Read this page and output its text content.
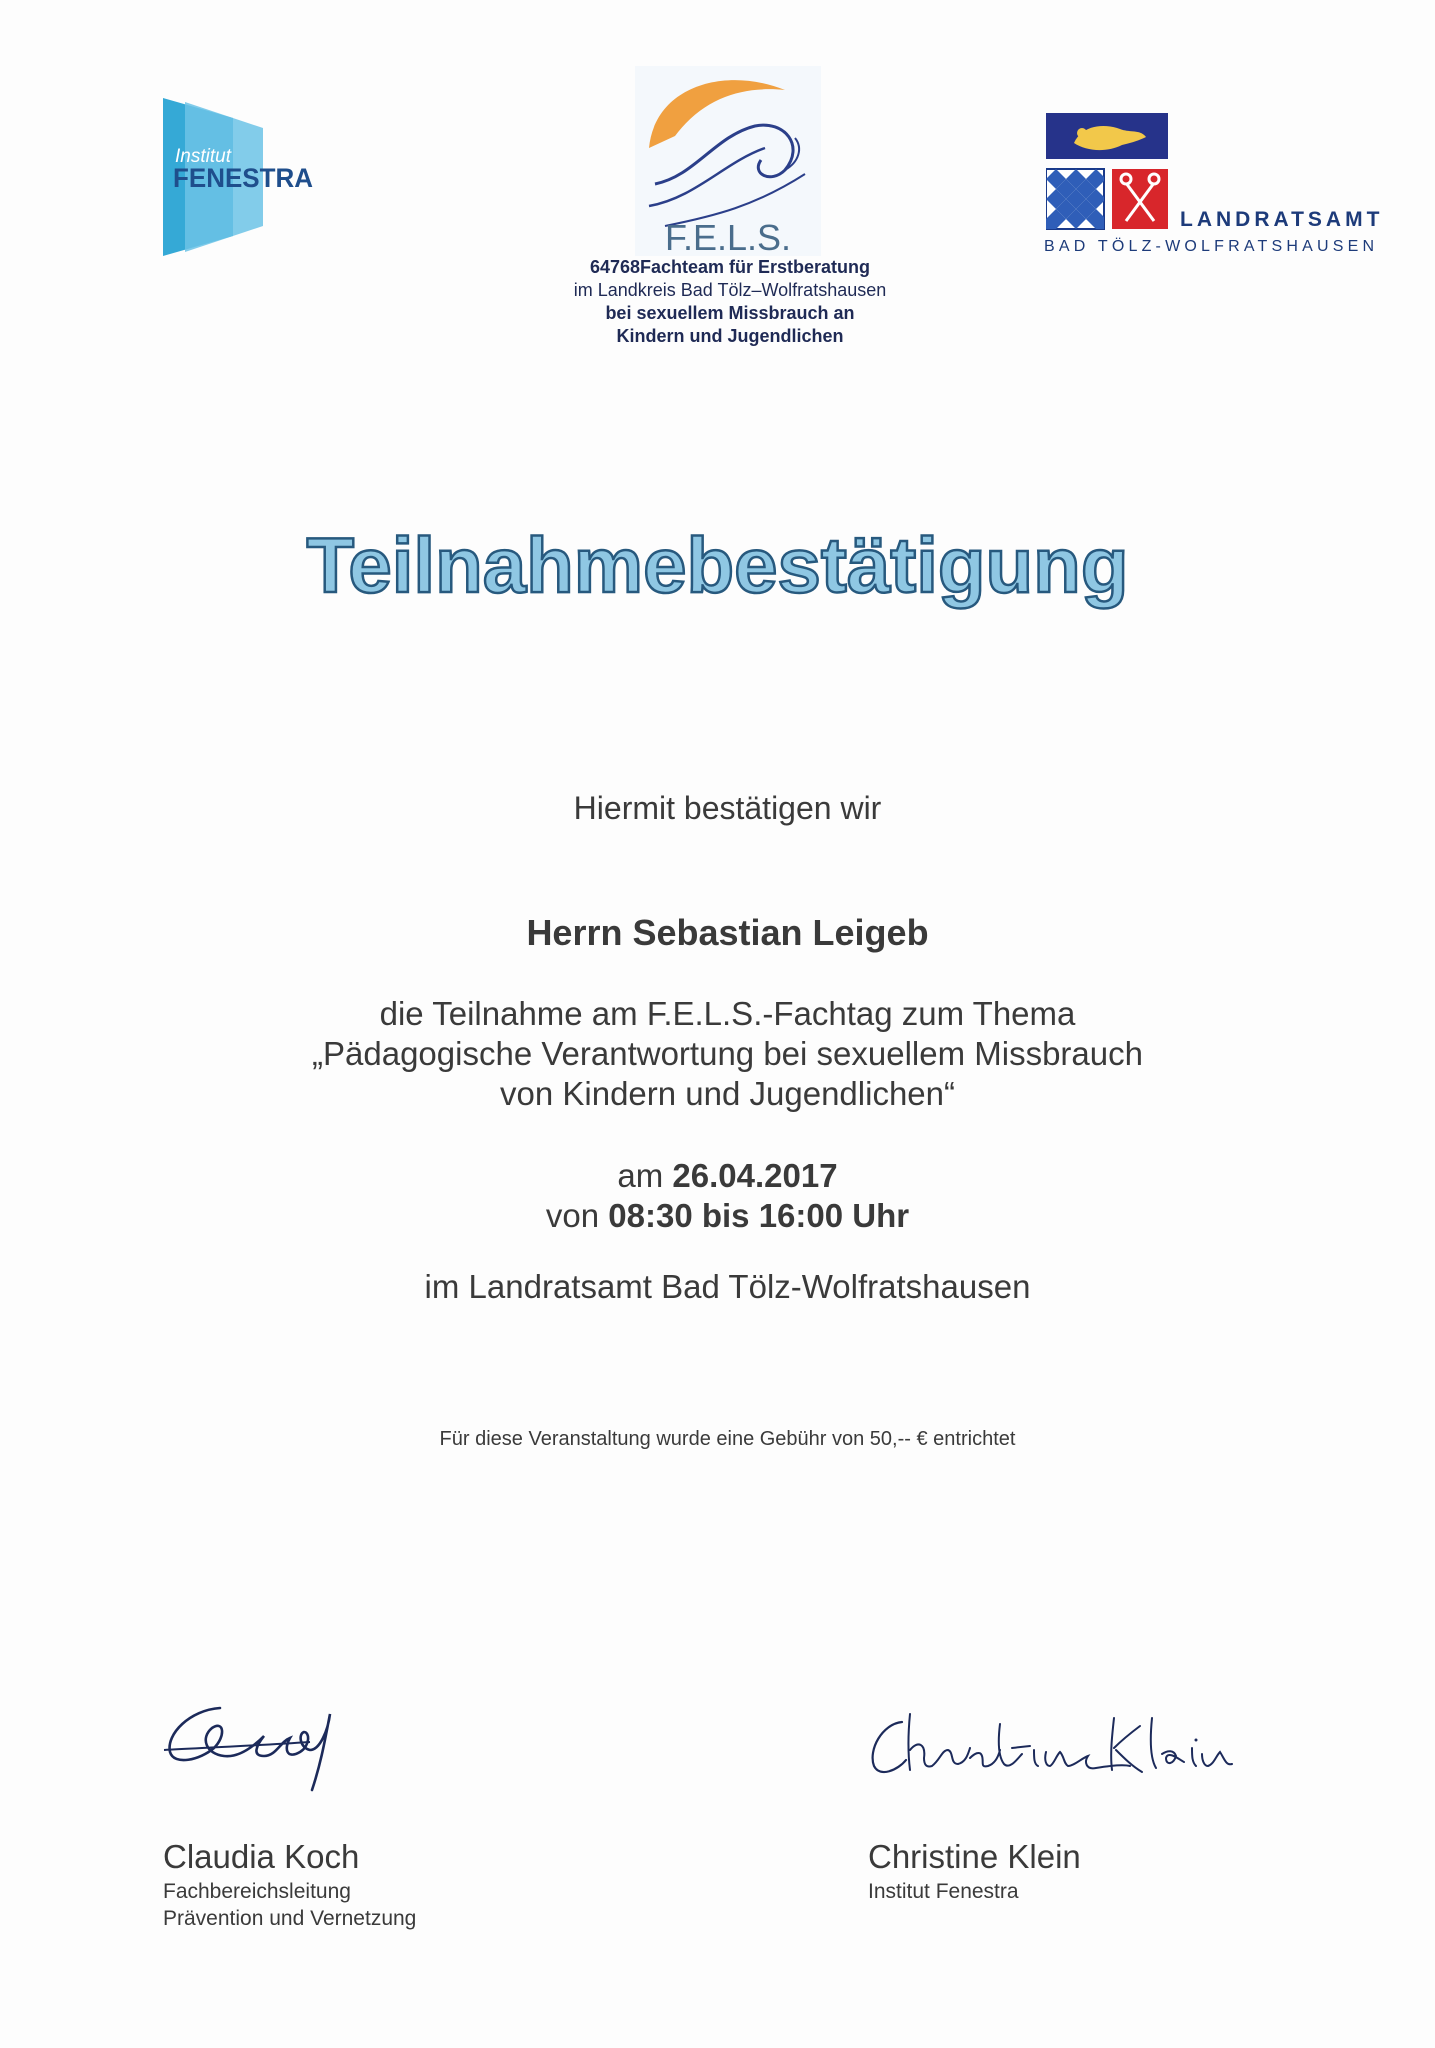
Institut
FENESTRA
F.E.L.S.
64768Fachteam für Erstberatung
im Landkreis Bad Tölz–Wolfratshausen
bei sexuellem Missbrauch an
Kindern und Jugendlichen
LANDRATSAMT
BAD TÖLZ-WOLFRATSHAUSEN
Teilnahmebestätigung
Hiermit bestätigen wir
Herrn Sebastian Leigeb
die Teilnahme am F.E.L.S.-Fachtag zum Thema
„Pädagogische Verantwortung bei sexuellem Missbrauch
von Kindern und Jugendlichen“
am 26.04.2017
von 08:30 bis 16:00 Uhr
im Landratsamt Bad Tölz-Wolfratshausen
Für diese Veranstaltung wurde eine Gebühr von 50,-- € entrichtet
Claudia Koch
Fachbereichsleitung
Prävention und Vernetzung
Christine Klein
Institut Fenestra
